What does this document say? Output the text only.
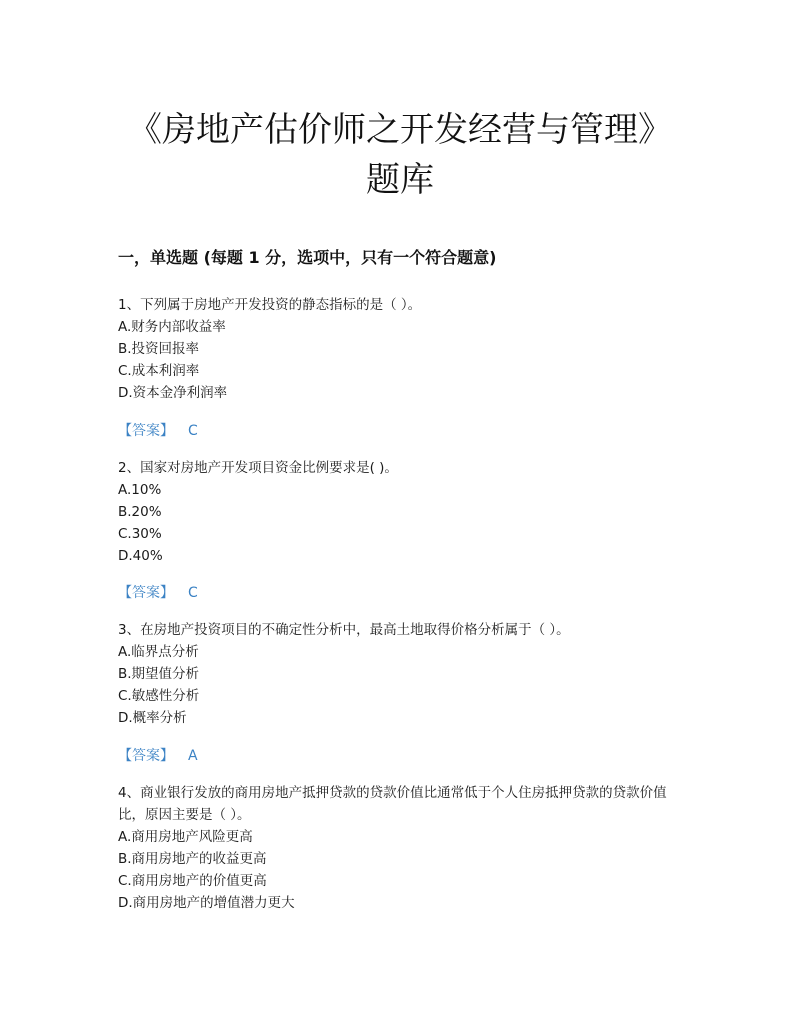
《房地产估价师之开发经营与管理》
题库
一，单选题 (每题 1 分，选项中，只有一个符合题意)
1、下列属于房地产开发投资的静态指标的是（ ）。
A.财务内部收益率
B.投资回报率
C.成本利润率
D.资本金净利润率
【答案】 C
2、国家对房地产开发项目资金比例要求是( )。
A.10%
B.20%
C.30%
D.40%
【答案】 C
3、在房地产投资项目的不确定性分析中，最高土地取得价格分析属于（ ）。
A.临界点分析
B.期望值分析
C.敏感性分析
D.概率分析
【答案】 A
4、商业银行发放的商用房地产抵押贷款的贷款价值比通常低于个人住房抵押贷款的贷款价值比，原因主要是（ ）。
A.商用房地产风险更高
B.商用房地产的收益更高
C.商用房地产的价值更高
D.商用房地产的增值潜力更大
